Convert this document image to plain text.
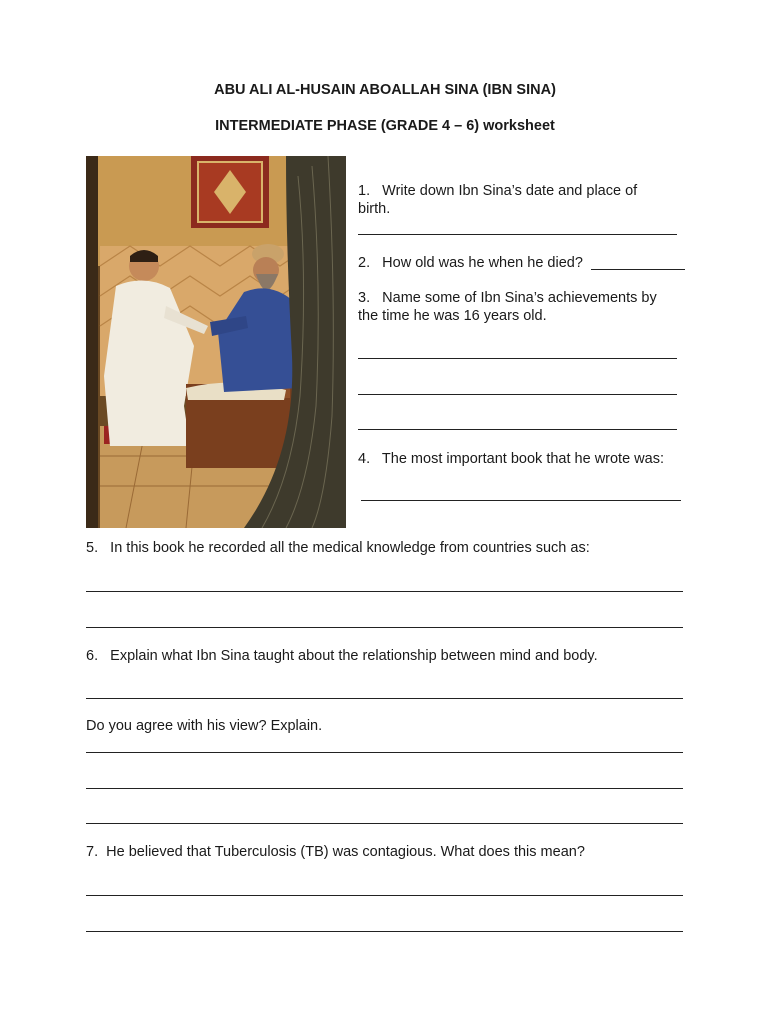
ABU ALI AL-HUSAIN ABOALLAH SINA (IBN SINA)
INTERMEDIATE PHASE (GRADE 4 – 6) worksheet
1.   Write down Ibn Sina’s date and place of
birth.
2.   How old was he when he died?
3.   Name some of Ibn Sina’s achievements by
the time he was 16 years old.
4.   The most important book that he wrote was:
5.   In this book he recorded all the medical knowledge from countries such as:
6.   Explain what Ibn Sina taught about the relationship between mind and body.
Do you agree with his view? Explain.
7.  He believed that Tuberculosis (TB) was contagious. What does this mean?
